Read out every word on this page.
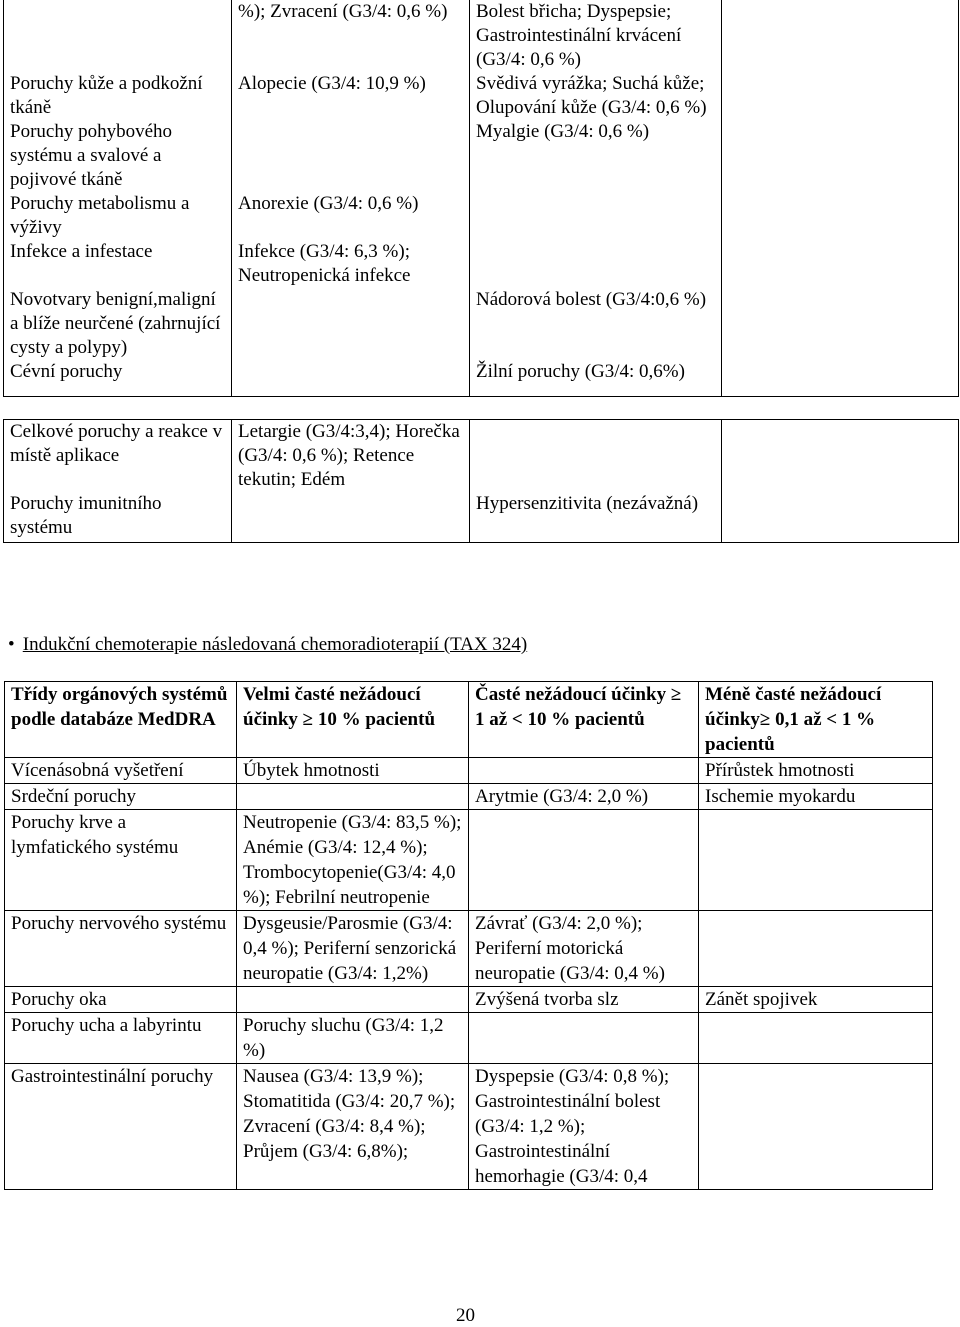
	%); Zvracení (G3/4: 0,6 %)	Bolest břicha; Dyspepsie; Gastrointestinální krvácení (G3/4: 0,6 %)	
Poruchy kůže a podkožní tkáně	Alopecie (G3/4: 10,9 %)	Svědivá vyrážka; Suchá kůže; Olupování kůže (G3/4: 0,6 %)	
Poruchy pohybového systému a svalové a pojivové tkáně		Myalgie (G3/4: 0,6 %)	
Poruchy metabolismu a výživy	Anorexie (G3/4: 0,6 %)		
Infekce a infestace	Infekce (G3/4: 6,3 %); Neutropenická infekce		
Novotvary benigní,maligní a blíže neurčené (zahrnující cysty a polypy)		Nádorová bolest (G3/4:0,6 %)	
Cévní poruchy		Žilní poruchy (G3/4: 0,6%)	

Celkové poruchy a reakce v místě aplikace	Letargie (G3/4:3,4); Horečka (G3/4: 0,6 %); Retence tekutin; Edém		
Poruchy imunitního systému		Hypersenzitivita (nezávažná)	
• Indukční chemoterapie následovaná chemoradioterapií (TAX 324)
Třídy orgánových systémů podle databáze MedDRA	Velmi časté nežádoucí účinky ≥ 10 % pacientů	Časté nežádoucí účinky ≥ 1 až < 10 % pacientů	Méně časté nežádoucí účinky≥ 0,1 až < 1 % pacientů
Vícenásobná vyšetření	Úbytek hmotnosti		Přírůstek hmotnosti
Srdeční poruchy		Arytmie (G3/4: 2,0 %)	Ischemie myokardu
Poruchy krve a lymfatického systému	Neutropenie (G3/4: 83,5 %); Anémie (G3/4: 12,4 %); Trombocytopenie(G3/4: 4,0 %); Febrilní neutropenie		
Poruchy nervového systému	Dysgeusie/Parosmie (G3/4: 0,4 %); Periferní senzorická neuropatie (G3/4: 1,2%)	Závrať (G3/4: 2,0 %); Periferní motorická neuropatie (G3/4: 0,4 %)	
Poruchy oka		Zvýšená tvorba slz	Zánět spojivek
Poruchy ucha a labyrintu	Poruchy sluchu (G3/4: 1,2 %)		
Gastrointestinální poruchy	Nausea (G3/4: 13,9 %); Stomatitida (G3/4: 20,7 %); Zvracení (G3/4: 8,4 %); Průjem (G3/4: 6,8%);	Dyspepsie (G3/4: 0,8 %); Gastrointestinální bolest (G3/4: 1,2 %); Gastrointestinální hemorhagie (G3/4: 0,4	
20
